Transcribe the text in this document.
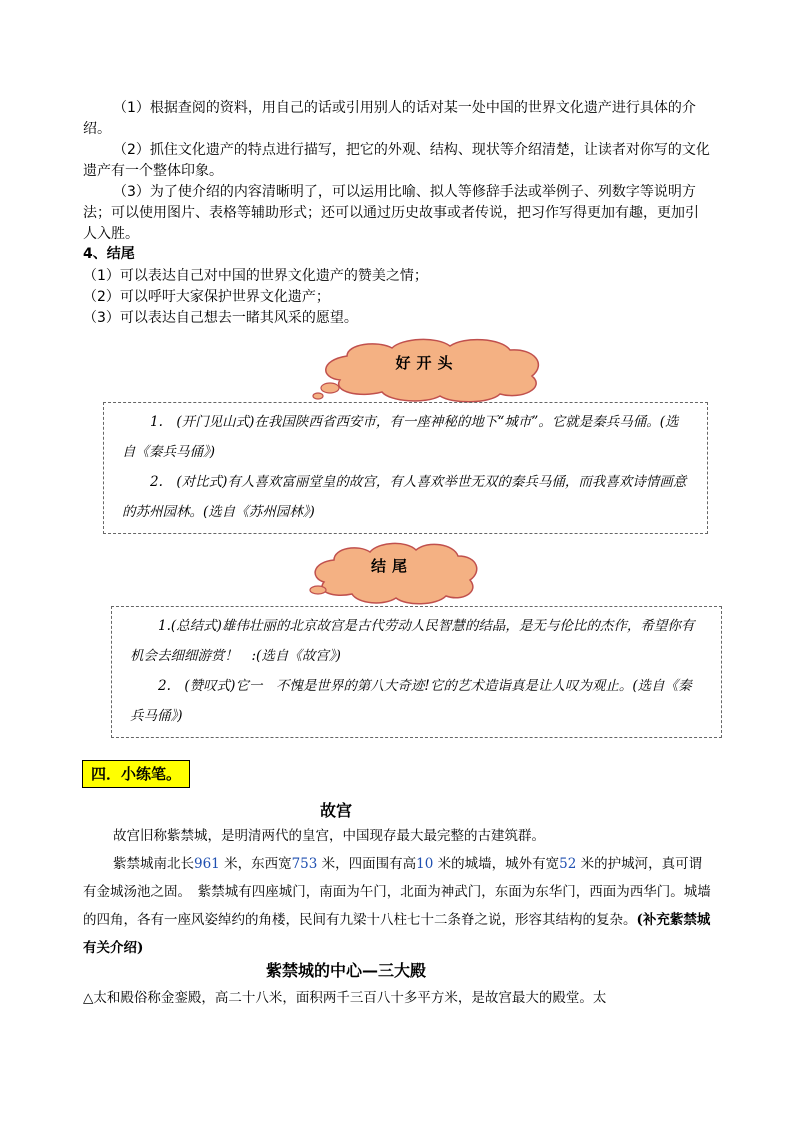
（1）根据查阅的资料，用自己的话或引用别人的话对某一处中国的世界文化遗产进行具体的介绍。

（2）抓住文化遗产的特点进行描写，把它的外观、结构、现状等介绍清楚，让读者对你写的文化遗产有一个整体印象。

（3）为了使介绍的内容清晰明了，可以运用比喻、拟人等修辞手法或举例子、列数字等说明方法；可以使用图片、表格等辅助形式；还可以通过历史故事或者传说，把习作写得更加有趣，更加引人入胜。

4、结尾
（1）可以表达自己对中国的世界文化遗产的赞美之情；
（2）可以呼吁大家保护世界文化遗产；
（3）可以表达自己想去一睹其风采的愿望。
好开头

1.　(开门见山式)在我国陕西省西安市，有一座神秘的地下“城市”。它就是秦兵马俑。(选自《秦兵马俑》)

2.　(对比式)有人喜欢富丽堂皇的故宫，有人喜欢举世无双的秦兵马俑，而我喜欢诗情画意的苏州园林。(选自《苏州园林》)

结尾

1.(总结式)雄伟壮丽的北京故宫是古代劳动人民智慧的结晶，是无与伦比的杰作，希望你有机会去细细游赏！　:(选自《故宫》)

2.　(赞叹式)它一　不愧是世界的第八大奇迹!它的艺术造诣真是让人叹为观止。(选自《秦兵马俑》)

四．小练笔。
故宫

故宫旧称紫禁城，是明清两代的皇宫，中国现存最大最完整的古建筑群。

紫禁城南北长961 米，东西宽753 米，四面围有高10 米的城墙，城外有宽52 米的护城河，真可谓有金城汤池之固。　紫禁城有四座城门，南面为午门，北面为神武门，东面为东华门，西面为西华门。城墙的四角，各有一座风姿绰约的角楼，民间有九梁十八柱七十二条脊之说，形容其结构的复杂。(补充紫禁城有关介绍)

紫禁城的中心—三大殿

△太和殿俗称金銮殿，高二十八米，面积两千三百八十多平方米，是故宫最大的殿堂。太
